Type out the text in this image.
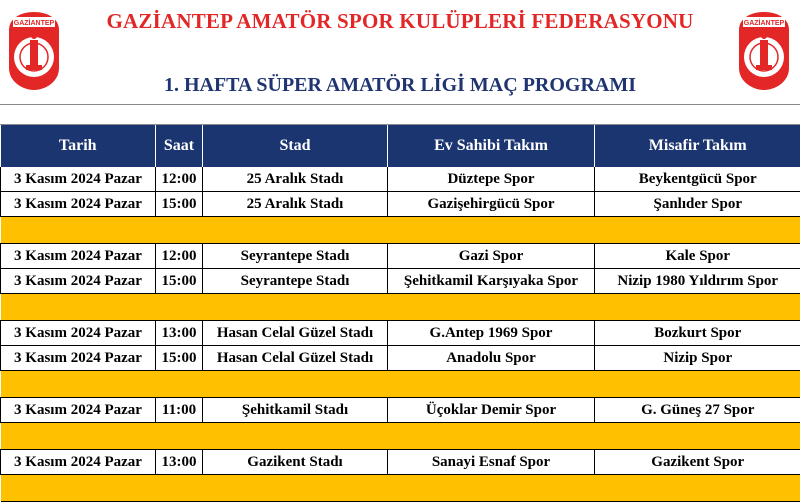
GAZİANTEP	GAZİANTEP
GAZİANTEP AMATÖR SPOR KULÜPLERİ FEDERASYONU
1. HAFTA SÜPER AMATÖR LİGİ MAÇ PROGRAMI
Tarih	Saat	Stad	Ev Sahibi Takım	Misafir Takım
3 Kasım 2024 Pazar	12:00	25 Aralık Stadı	Düztepe Spor	Beykentgücü Spor
3 Kasım 2024 Pazar	15:00	25 Aralık Stadı	Gazişehirgücü Spor	Şanlıder Spor

3 Kasım 2024 Pazar	12:00	Seyrantepe Stadı	Gazi Spor	Kale Spor
3 Kasım 2024 Pazar	15:00	Seyrantepe Stadı	Şehitkamil Karşıyaka Spor	Nizip 1980 Yıldırım Spor

3 Kasım 2024 Pazar	13:00	Hasan Celal Güzel Stadı	G.Antep 1969 Spor	Bozkurt Spor
3 Kasım 2024 Pazar	15:00	Hasan Celal Güzel Stadı	Anadolu Spor	Nizip Spor

3 Kasım 2024 Pazar	11:00	Şehitkamil Stadı	Üçoklar Demir Spor	G. Güneş 27 Spor

3 Kasım 2024 Pazar	13:00	Gazikent Stadı	Sanayi Esnaf Spor	Gazikent Spor
